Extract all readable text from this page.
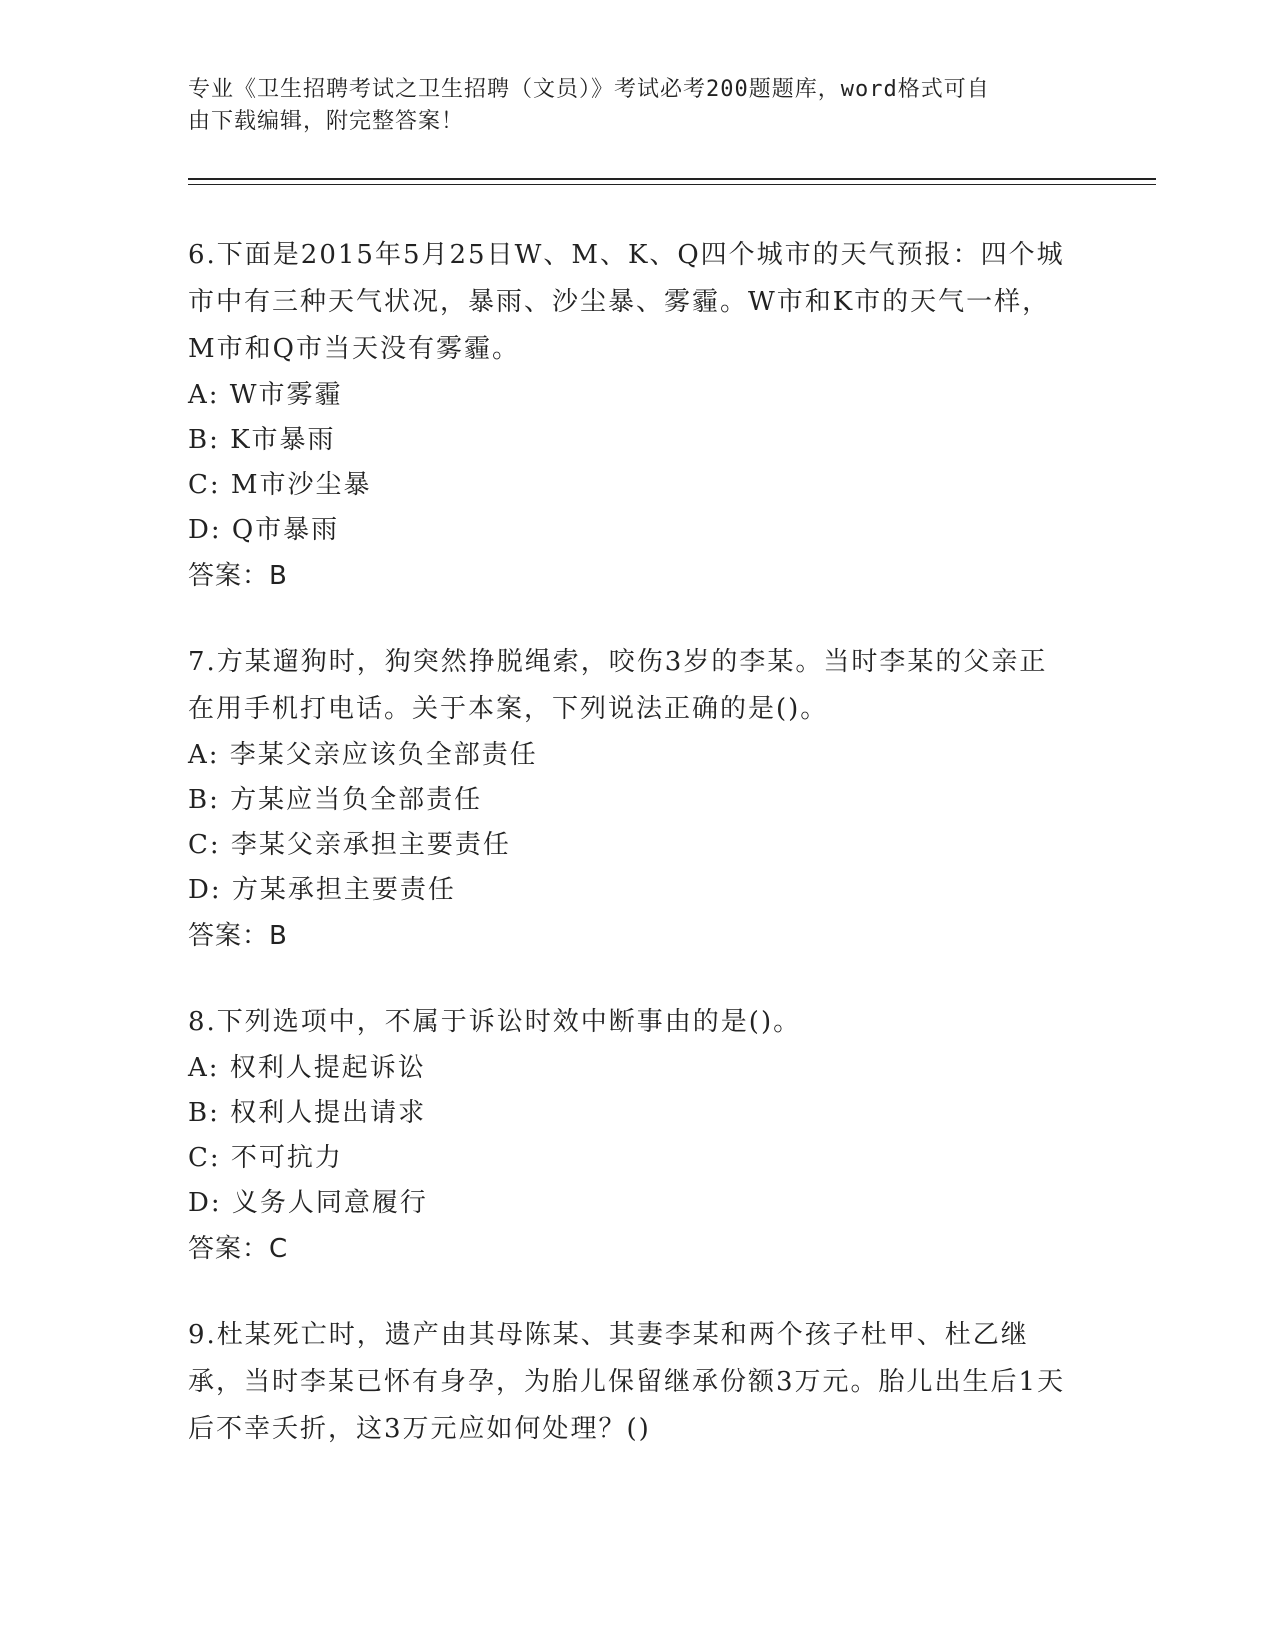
专业《卫生招聘考试之卫生招聘（文员）》考试必考200题题库，word格式可自
由下载编辑，附完整答案！

6.下面是2015年5月25日W、M、K、Q四个城市的天气预报：四个城市中有三种天气状况，暴雨、沙尘暴、雾霾。W市和K市的天气一样，M市和Q市当天没有雾霾。

A: W市雾霾

B: K市暴雨

C: M市沙尘暴

D: Q市暴雨

答案：B

7.方某遛狗时，狗突然挣脱绳索，咬伤3岁的李某。当时李某的父亲正在用手机打电话。关于本案，下列说法正确的是()。

A: 李某父亲应该负全部责任

B: 方某应当负全部责任

C: 李某父亲承担主要责任

D: 方某承担主要责任

答案：B

8.下列选项中，不属于诉讼时效中断事由的是()。

A: 权利人提起诉讼

B: 权利人提出请求

C: 不可抗力

D: 义务人同意履行

答案：C

9.杜某死亡时，遗产由其母陈某、其妻李某和两个孩子杜甲、杜乙继承，当时李某已怀有身孕，为胎儿保留继承份额3万元。胎儿出生后1天后不幸夭折，这3万元应如何处理？()
